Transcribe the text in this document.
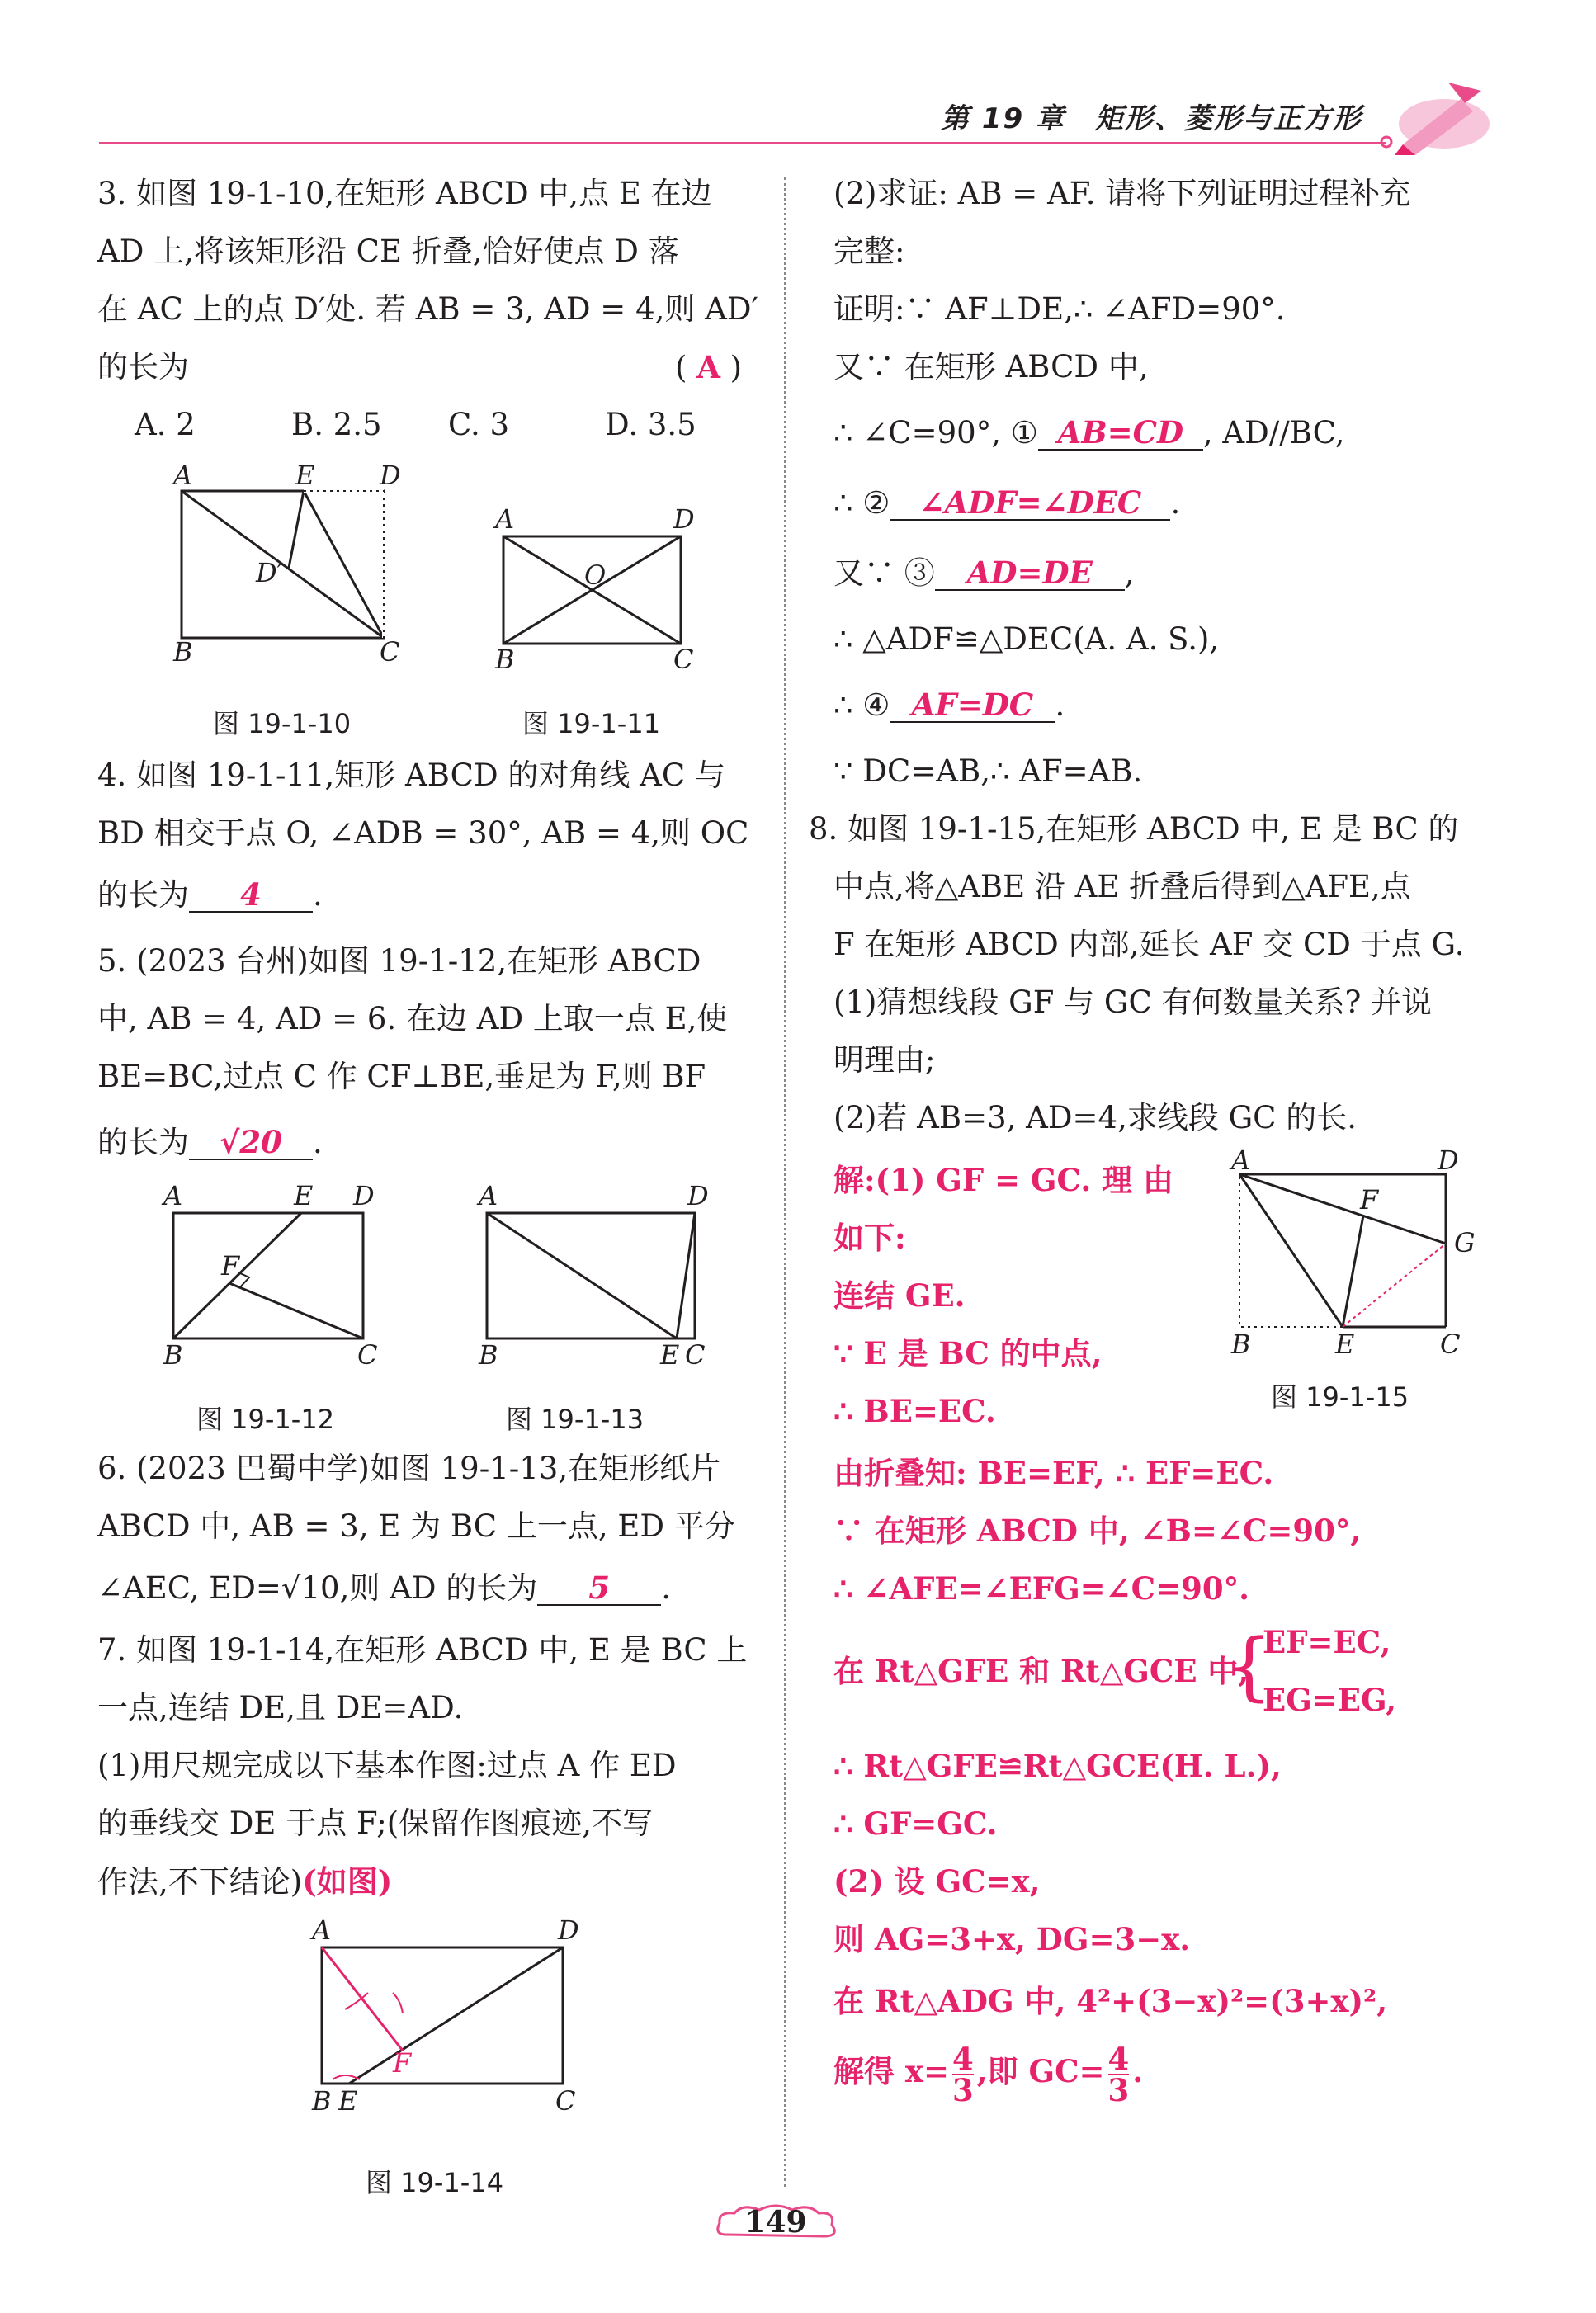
第 19 章　矩形、菱形与正方形
3. 如图 19-1-10,在矩形 ABCD 中,点 E 在边
AD 上,将该矩形沿 CE 折叠,恰好使点 D 落
在 AC 上的点 D′处. 若 AB = 3, AD = 4,则 AD′
的长为	( A )
A. 2	B. 2.5 C. 3	D. 3.5
A	E D
D′
B	C
图 19-1-10
A	D
O
B	C
图 19-1-11
4. 如图 19-1-11,矩形 ABCD 的对角线 AC 与
BD 相交于点 O, ∠ADB = 30°, AB = 4,则 OC
的长为 4 .
5. (2023 台州)如图 19-1-12,在矩形 ABCD
中, AB = 4, AD = 6. 在边 AD 上取一点 E,使
BE=BC,过点 C 作 CF⊥BE,垂足为 F,则 BF
的长为 √20 .
A	E D
F
B	C
图 19-1-12
A	D
B	E C
图 19-1-13
6. (2023 巴蜀中学)如图 19-1-13,在矩形纸片
ABCD 中, AB = 3, E 为 BC 上一点, ED 平分
∠AEC, ED=√10,则 AD 的长为 5 .
7. 如图 19-1-14,在矩形 ABCD 中, E 是 BC 上
一点,连结 DE,且 DE=AD.
(1)用尺规完成以下基本作图:过点 A 作 ED
的垂线交 DE 于点 F;(保留作图痕迹,不写
作法,不下结论)(如图)
A	D
F
B E	C
图 19-1-14
(2)求证: AB = AF. 请将下列证明过程补充
完整:
证明:∵ AF⊥DE,∴ ∠AFD=90°.
又∵ 在矩形 ABCD 中,
∴ ∠C=90°, ① AB=CD , AD//BC,
∴ ② ∠ADF=∠DEC .
又∵ ③ AD=DE ,
∴ △ADF≌△DEC(A. A. S.),
∴ ④ AF=DC .
∵ DC=AB,∴ AF=AB.
8. 如图 19-1-15,在矩形 ABCD 中, E 是 BC 的
中点,将△ABE 沿 AE 折叠后得到△AFE,点
F 在矩形 ABCD 内部,延长 AF 交 CD 于点 G.
(1)猜想线段 GF 与 GC 有何数量关系? 并说
明理由;
(2)若 AB=3, AD=4,求线段 GC 的长.
A	D
F
G
B	E	C
图 19-1-15
解:(1) GF = GC. 理 由
如下:
连结 GE.
∵ E 是 BC 的中点,
∴ BE=EC.
由折叠知: BE=EF, ∴ EF=EC.
∵ 在矩形 ABCD 中, ∠B=∠C=90°,
∴ ∠AFE=∠EFG=∠C=90°.
在 Rt△GFE 和 Rt△GCE 中,
{
EF=EC,
EG=EG,
∴ Rt△GFE≌Rt△GCE(H. L.),
∴ GF=GC.
(2) 设 GC=x,
则 AG=3+x, DG=3−x.
在 Rt△ADG 中, 4²+(3−x)²=(3+x)²,
解得 $x= \frac{4}{3}$ ,即 $GC= \frac{4}{3}$ .
149
